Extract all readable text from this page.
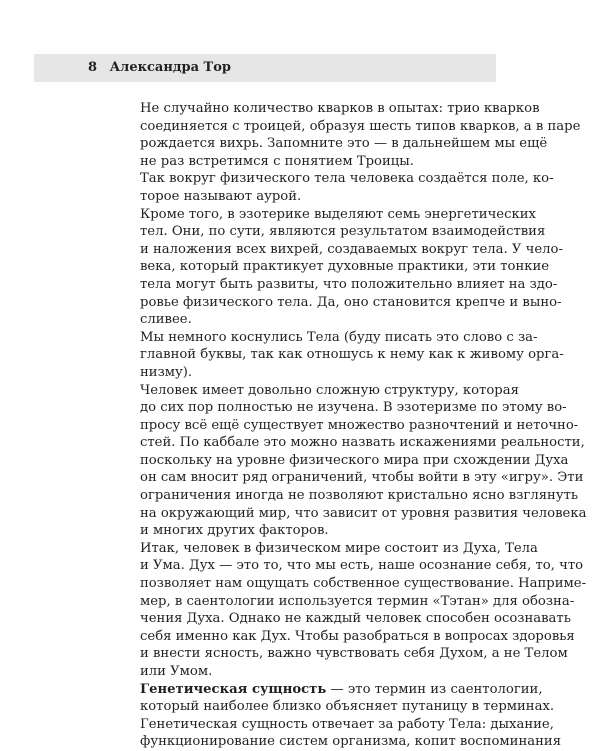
8 Александра Тор

Не случайно количество кварков в опытах: трио кварков
соединяется с троицей, образуя шесть типов кварков, а в паре
рождается вихрь. Запомните это — в дальнейшем мы ещё
не раз встретимся с понятием Троицы.

Так вокруг физического тела человека создаётся поле, ко-
торое называют аурой.

Кроме того, в эзотерике выделяют семь энергетических
тел. Они, по сути, являются результатом взаимодействия
и наложения всех вихрей, создаваемых вокруг тела. У чело-
века, который практикует духовные практики, эти тонкие
тела могут быть развиты, что положительно влияет на здо-
ровье физического тела. Да, оно становится крепче и выно-
сливее.

Мы немного коснулись Тела (буду писать это слово с за-
главной буквы, так как отношусь к нему как к живому орга-
низму).

Человек имеет довольно сложную структуру, которая
до сих пор полностью не изучена. В эзотеризме по этому во-
просу всё ещё существует множество разночтений и неточно-
стей. По каббале это можно назвать искажениями реальности,
поскольку на уровне физического мира при схождении Духа
он сам вносит ряд ограничений, чтобы войти в эту «игру». Эти
ограничения иногда не позволяют кристально ясно взглянуть
на окружающий мир, что зависит от уровня развития человека
и многих других факторов.

Итак, человек в физическом мире состоит из Духа, Тела
и Ума. Дух — это то, что мы есть, наше осознание себя, то, что
позволяет нам ощущать собственное существование. Наприме-
мер, в саентологии используется термин «Тэтан» для обозна-
чения Духа. Однако не каждый человек способен осознавать
себя именно как Дух. Чтобы разобраться в вопросах здоровья
и внести ясность, важно чувствовать себя Духом, а не Телом
или Умом.

Генетическая сущность — это термин из саентологии,
который наиболее близко объясняет путаницу в терминах.
Генетическая сущность отвечает за работу Тела: дыхание,
функционирование систем организма, копит воспоминания
